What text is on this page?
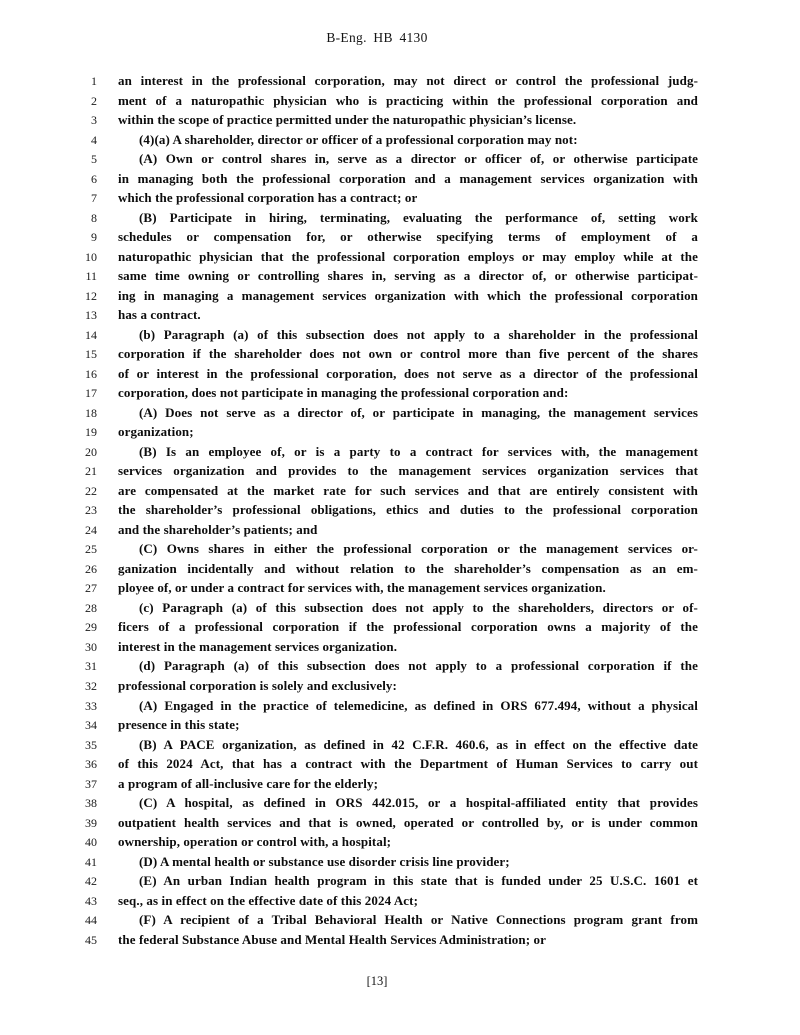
B-Eng. HB 4130
1 an interest in the professional corporation, may not direct or control the professional judg-
2 ment of a naturopathic physician who is practicing within the professional corporation and
3 within the scope of practice permitted under the naturopathic physician’s license.
4	(4)(a) A shareholder, director or officer of a professional corporation may not:
5	(A) Own or control shares in, serve as a director or officer of, or otherwise participate
6 in managing both the professional corporation and a management services organization with
7 which the professional corporation has a contract; or
8	(B) Participate in hiring, terminating, evaluating the performance of, setting work
9 schedules or compensation for, or otherwise specifying terms of employment of a
10 naturopathic physician that the professional corporation employs or may employ while at the
11 same time owning or controlling shares in, serving as a director of, or otherwise participat-
12 ing in managing a management services organization with which the professional corporation
13 has a contract.
14	(b) Paragraph (a) of this subsection does not apply to a shareholder in the professional
15 corporation if the shareholder does not own or control more than five percent of the shares
16 of or interest in the professional corporation, does not serve as a director of the professional
17 corporation, does not participate in managing the professional corporation and:
18	(A) Does not serve as a director of, or participate in managing, the management services
19 organization;
20	(B) Is an employee of, or is a party to a contract for services with, the management
21 services organization and provides to the management services organization services that
22 are compensated at the market rate for such services and that are entirely consistent with
23 the shareholder’s professional obligations, ethics and duties to the professional corporation
24 and the shareholder’s patients; and
25	(C) Owns shares in either the professional corporation or the management services or-
26 ganization incidentally and without relation to the shareholder’s compensation as an em-
27 ployee of, or under a contract for services with, the management services organization.
28	(c) Paragraph (a) of this subsection does not apply to the shareholders, directors or of-
29 ficers of a professional corporation if the professional corporation owns a majority of the
30 interest in the management services organization.
31	(d) Paragraph (a) of this subsection does not apply to a professional corporation if the
32 professional corporation is solely and exclusively:
33	(A) Engaged in the practice of telemedicine, as defined in ORS 677.494, without a physical
34 presence in this state;
35	(B) A PACE organization, as defined in 42 C.F.R. 460.6, as in effect on the effective date
36 of this 2024 Act, that has a contract with the Department of Human Services to carry out
37 a program of all-inclusive care for the elderly;
38	(C) A hospital, as defined in ORS 442.015, or a hospital-affiliated entity that provides
39 outpatient health services and that is owned, operated or controlled by, or is under common
40 ownership, operation or control with, a hospital;
41	(D) A mental health or substance use disorder crisis line provider;
42	(E) An urban Indian health program in this state that is funded under 25 U.S.C. 1601 et
43 seq., as in effect on the effective date of this 2024 Act;
44	(F) A recipient of a Tribal Behavioral Health or Native Connections program grant from
45 the federal Substance Abuse and Mental Health Services Administration; or
[13]
